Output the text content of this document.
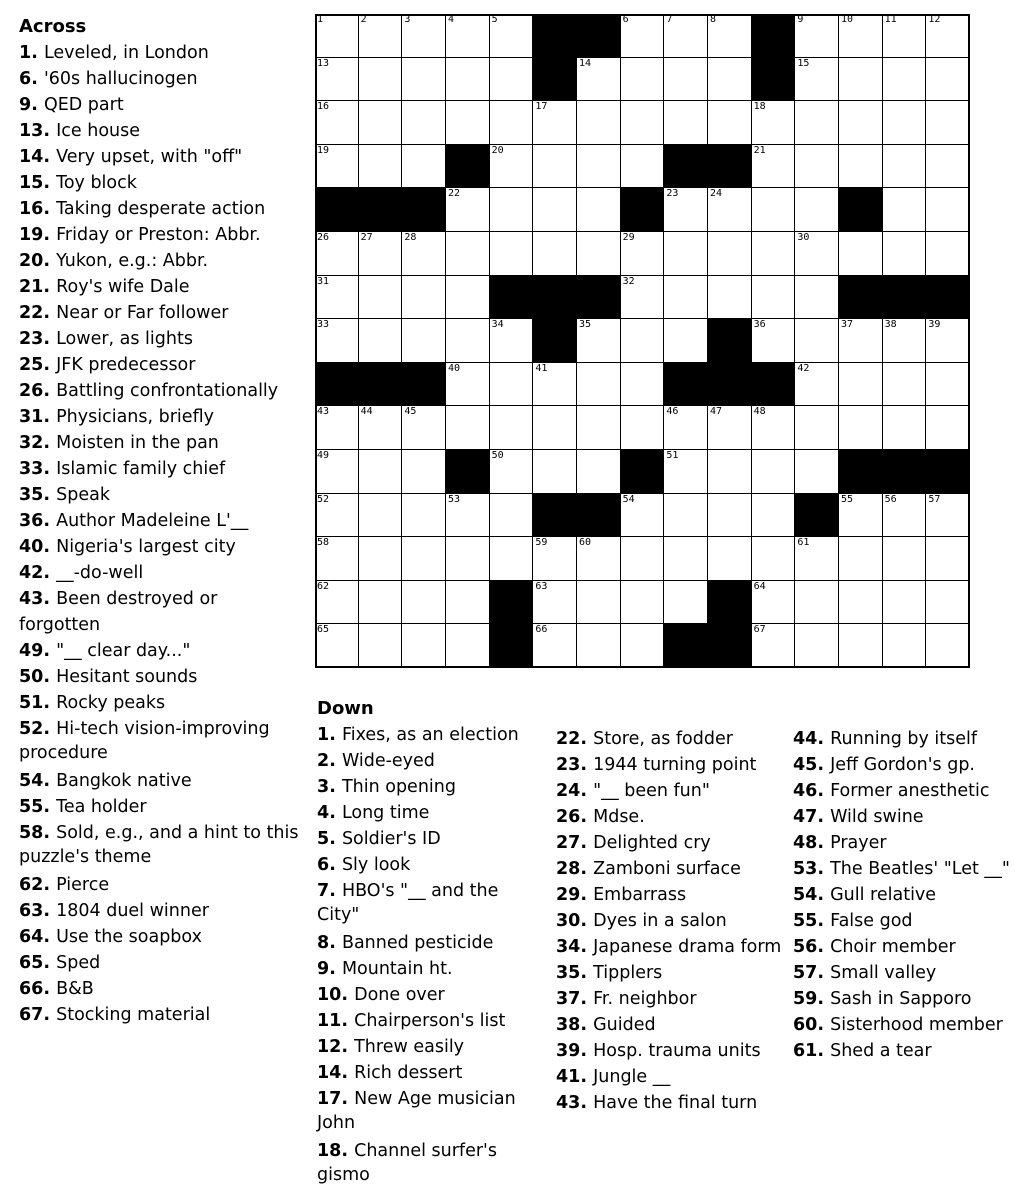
Across
1. Leveled, in London
6. '60s hallucinogen
9. QED part
13. Ice house
14. Very upset, with "off"
15. Toy block
16. Taking desperate action
19. Friday or Preston: Abbr.
20. Yukon, e.g.: Abbr.
21. Roy's wife Dale
22. Near or Far follower
23. Lower, as lights
25. JFK predecessor
26. Battling confrontationally
31. Physicians, briefly
32. Moisten in the pan
33. Islamic family chief
35. Speak
36. Author Madeleine L'__
40. Nigeria's largest city
42. __-do-well
43. Been destroyed or forgotten
49. "__ clear day..."
50. Hesitant sounds
51. Rocky peaks
52. Hi-tech vision-improving
procedure
54. Bangkok native
55. Tea holder
58. Sold, e.g., and a hint to this
puzzle's theme
62. Pierce
63. 1804 duel winner
64. Use the soapbox
65. Sped
66. B&B
67. Stocking material
Down
1. Fixes, as an election
2. Wide-eyed
3. Thin opening
4. Long time
5. Soldier's ID
6. Sly look
7. HBO's "__ and the
City"
8. Banned pesticide
9. Mountain ht.
10. Done over
11. Chairperson's list
12. Threw easily
14. Rich dessert
17. New Age musician
John
18. Channel surfer's
gismo
22. Store, as fodder
23. 1944 turning point
24. "__ been fun"
26. Mdse.
27. Delighted cry
28. Zamboni surface
29. Embarrass
30. Dyes in a salon
34. Japanese drama form
35. Tipplers
37. Fr. neighbor
38. Guided
39. Hosp. trauma units
41. Jungle __
43. Have the final turn
44. Running by itself
45. Jeff Gordon's gp.
46. Former anesthetic
47. Wild swine
48. Prayer
53. The Beatles' "Let __"
54. Gull relative
55. False god
56. Choir member
57. Small valley
59. Sash in Sapporo
60. Sisterhood member
61. Shed a tear
1	2	3	4	5	6	7	8	9	10	11	12
13	14	15
16	17	18
19	20	21
22	23	24
26	27	28	29	30
31	32
33	34	35	36	37	38	39
40	41	42
43	44	45	46	47	48
49	50	51
52	53	54	55	56	57
58	59	60	61
62	63	64
65	66	67
